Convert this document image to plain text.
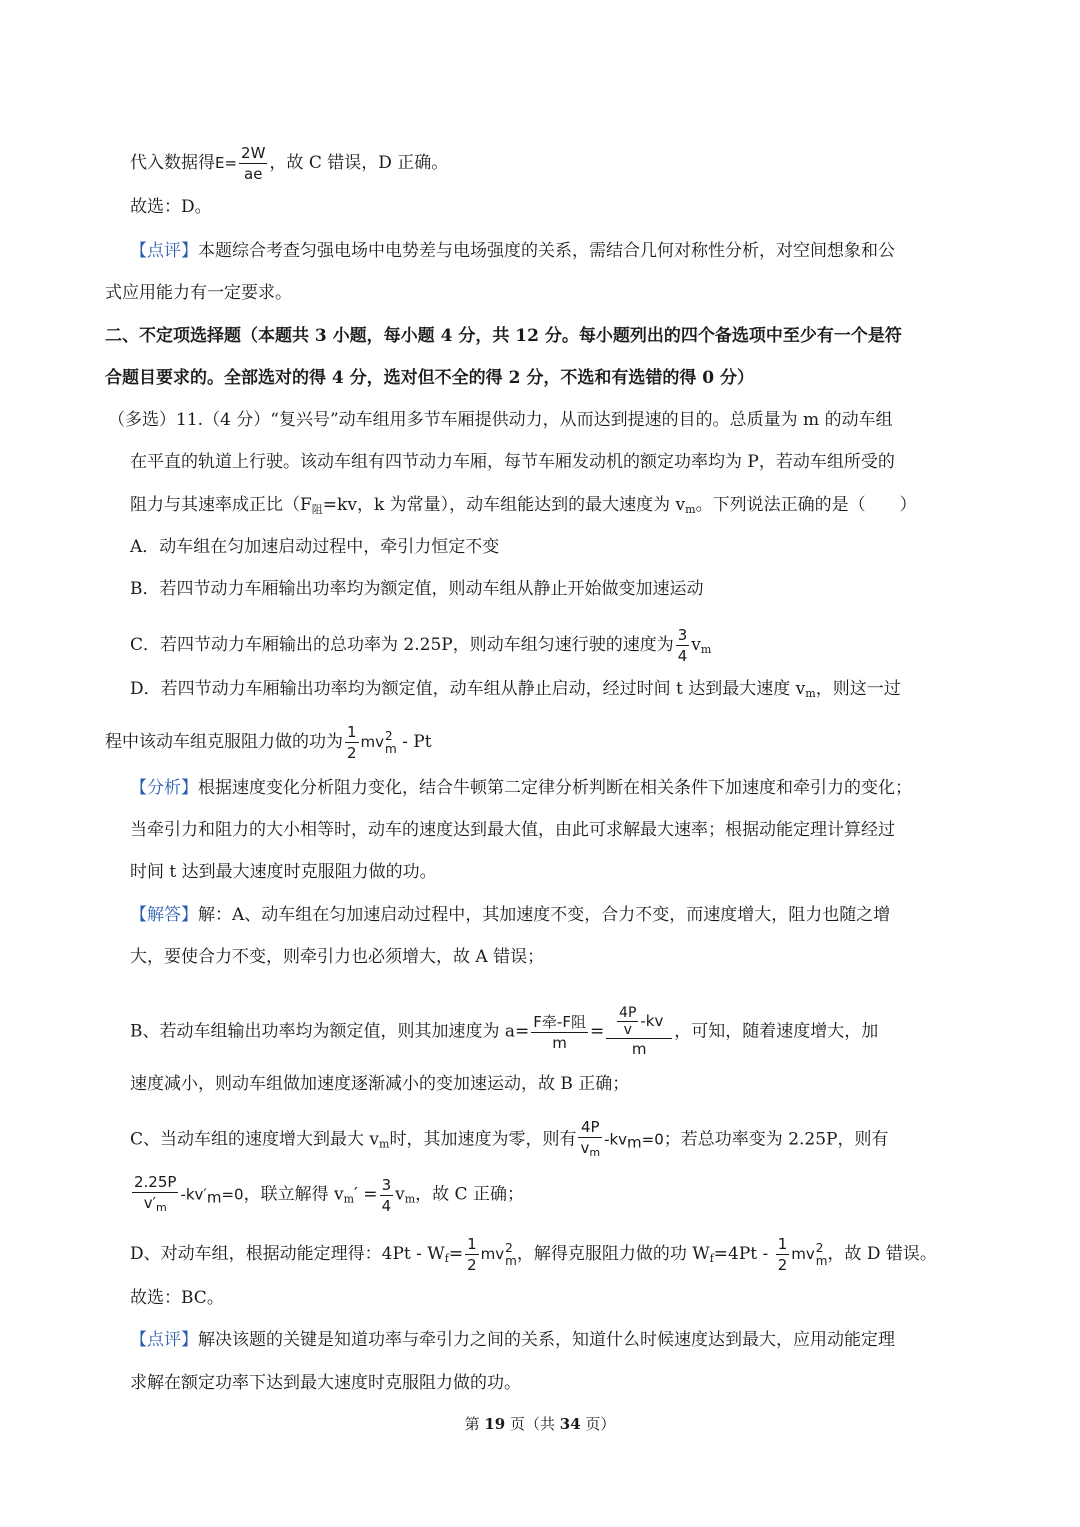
代入数据得$E= \frac{2W}{ae}$ ，故 C 错误，D 正确。
故选：D。
【点评】本题综合考查匀强电场中电势差与电场强度的关系，需结合几何对称性分析，对空间想象和公
式应用能力有一定要求。
二、不定项选择题（本题共 3 小题，每小题 4 分，共 12 分。每小题列出的四个备选项中至少有一个是符
合题目要求的。全部选对的得 4 分，选对但不全的得 2 分，不选和有选错的得 0 分）
（多选）11.（4 分）“复兴号”动车组用多节车厢提供动力，从而达到提速的目的。总质量为 m 的动车组
在平直的轨道上行驶。该动车组有四节动力车厢，每节车厢发动机的额定功率均为 P，若动车组所受的
阻力与其速率成正比（$F_阻=kv$，k 为常量），动车组能达到的最大速度为 $v_m$。下列说法正确的是（　　）
A．动车组在匀加速启动过程中，牵引力恒定不变
B．若四节动力车厢输出功率均为额定值，则动车组从静止开始做变加速运动
C．若四节动力车厢输出的总功率为 2.25P，则动车组匀速行驶的速度为 $\frac{3}{4} v_m$
D．若四节动力车厢输出功率均为额定值，动车组从静止启动，经过时间 t 达到最大速度 $v_m$，则这一过
程中该动车组克服阻力做的功为 $\frac{1}{2} mv2$
m - Pt
【分析】根据速度变化分析阻力变化，结合牛顿第二定律分析判断在相关条件下加速度和牵引力的变化；
当牵引力和阻力的大小相等时，动车的速度达到最大值，由此可求解最大速率；根据动能定理计算经过
时间 t 达到最大速度时克服阻力做的功。
【解答】解：A、动车组在匀加速启动过程中，其加速度不变，合力不变，而速度增大，阻力也随之增
大，要使合力不变，则牵引力也必须增大，故 A 错误；
B、若动车组输出功率均为额定值，则其加速度为 $a= \frac{\text{F牵-F阻}}{m} = \frac{\frac{4P}{v} -kv}{m}$ ，可知，随着速度增大，加
速度减小，则动车组做加速度逐渐减小的变加速运动，故 B 正确；
C、当动车组的速度增大到最大 $v_m$时，其加速度为零，则有 $\frac{4P}{v_m} -kv_m=0$；若总功率变为 2.25P，则有
$\frac{2.25P}{v'_m} -kv'_m=0$，联立解得 $v_m' = \frac{3}{4} v_m$，故 C 正确；
D、对动车组，根据动能定理得：$4Pt - W_f= \frac{1}{2} mv2$
m，解得克服阻力做的功 $W_f=4Pt - \frac{1}{2} mv2$
m，故 D 错误。
故选：BC。
【点评】解决该题的关键是知道功率与牵引力之间的关系，知道什么时候速度达到最大，应用动能定理
求解在额定功率下达到最大速度时克服阻力做的功。
第 19 页（共 34 页）
